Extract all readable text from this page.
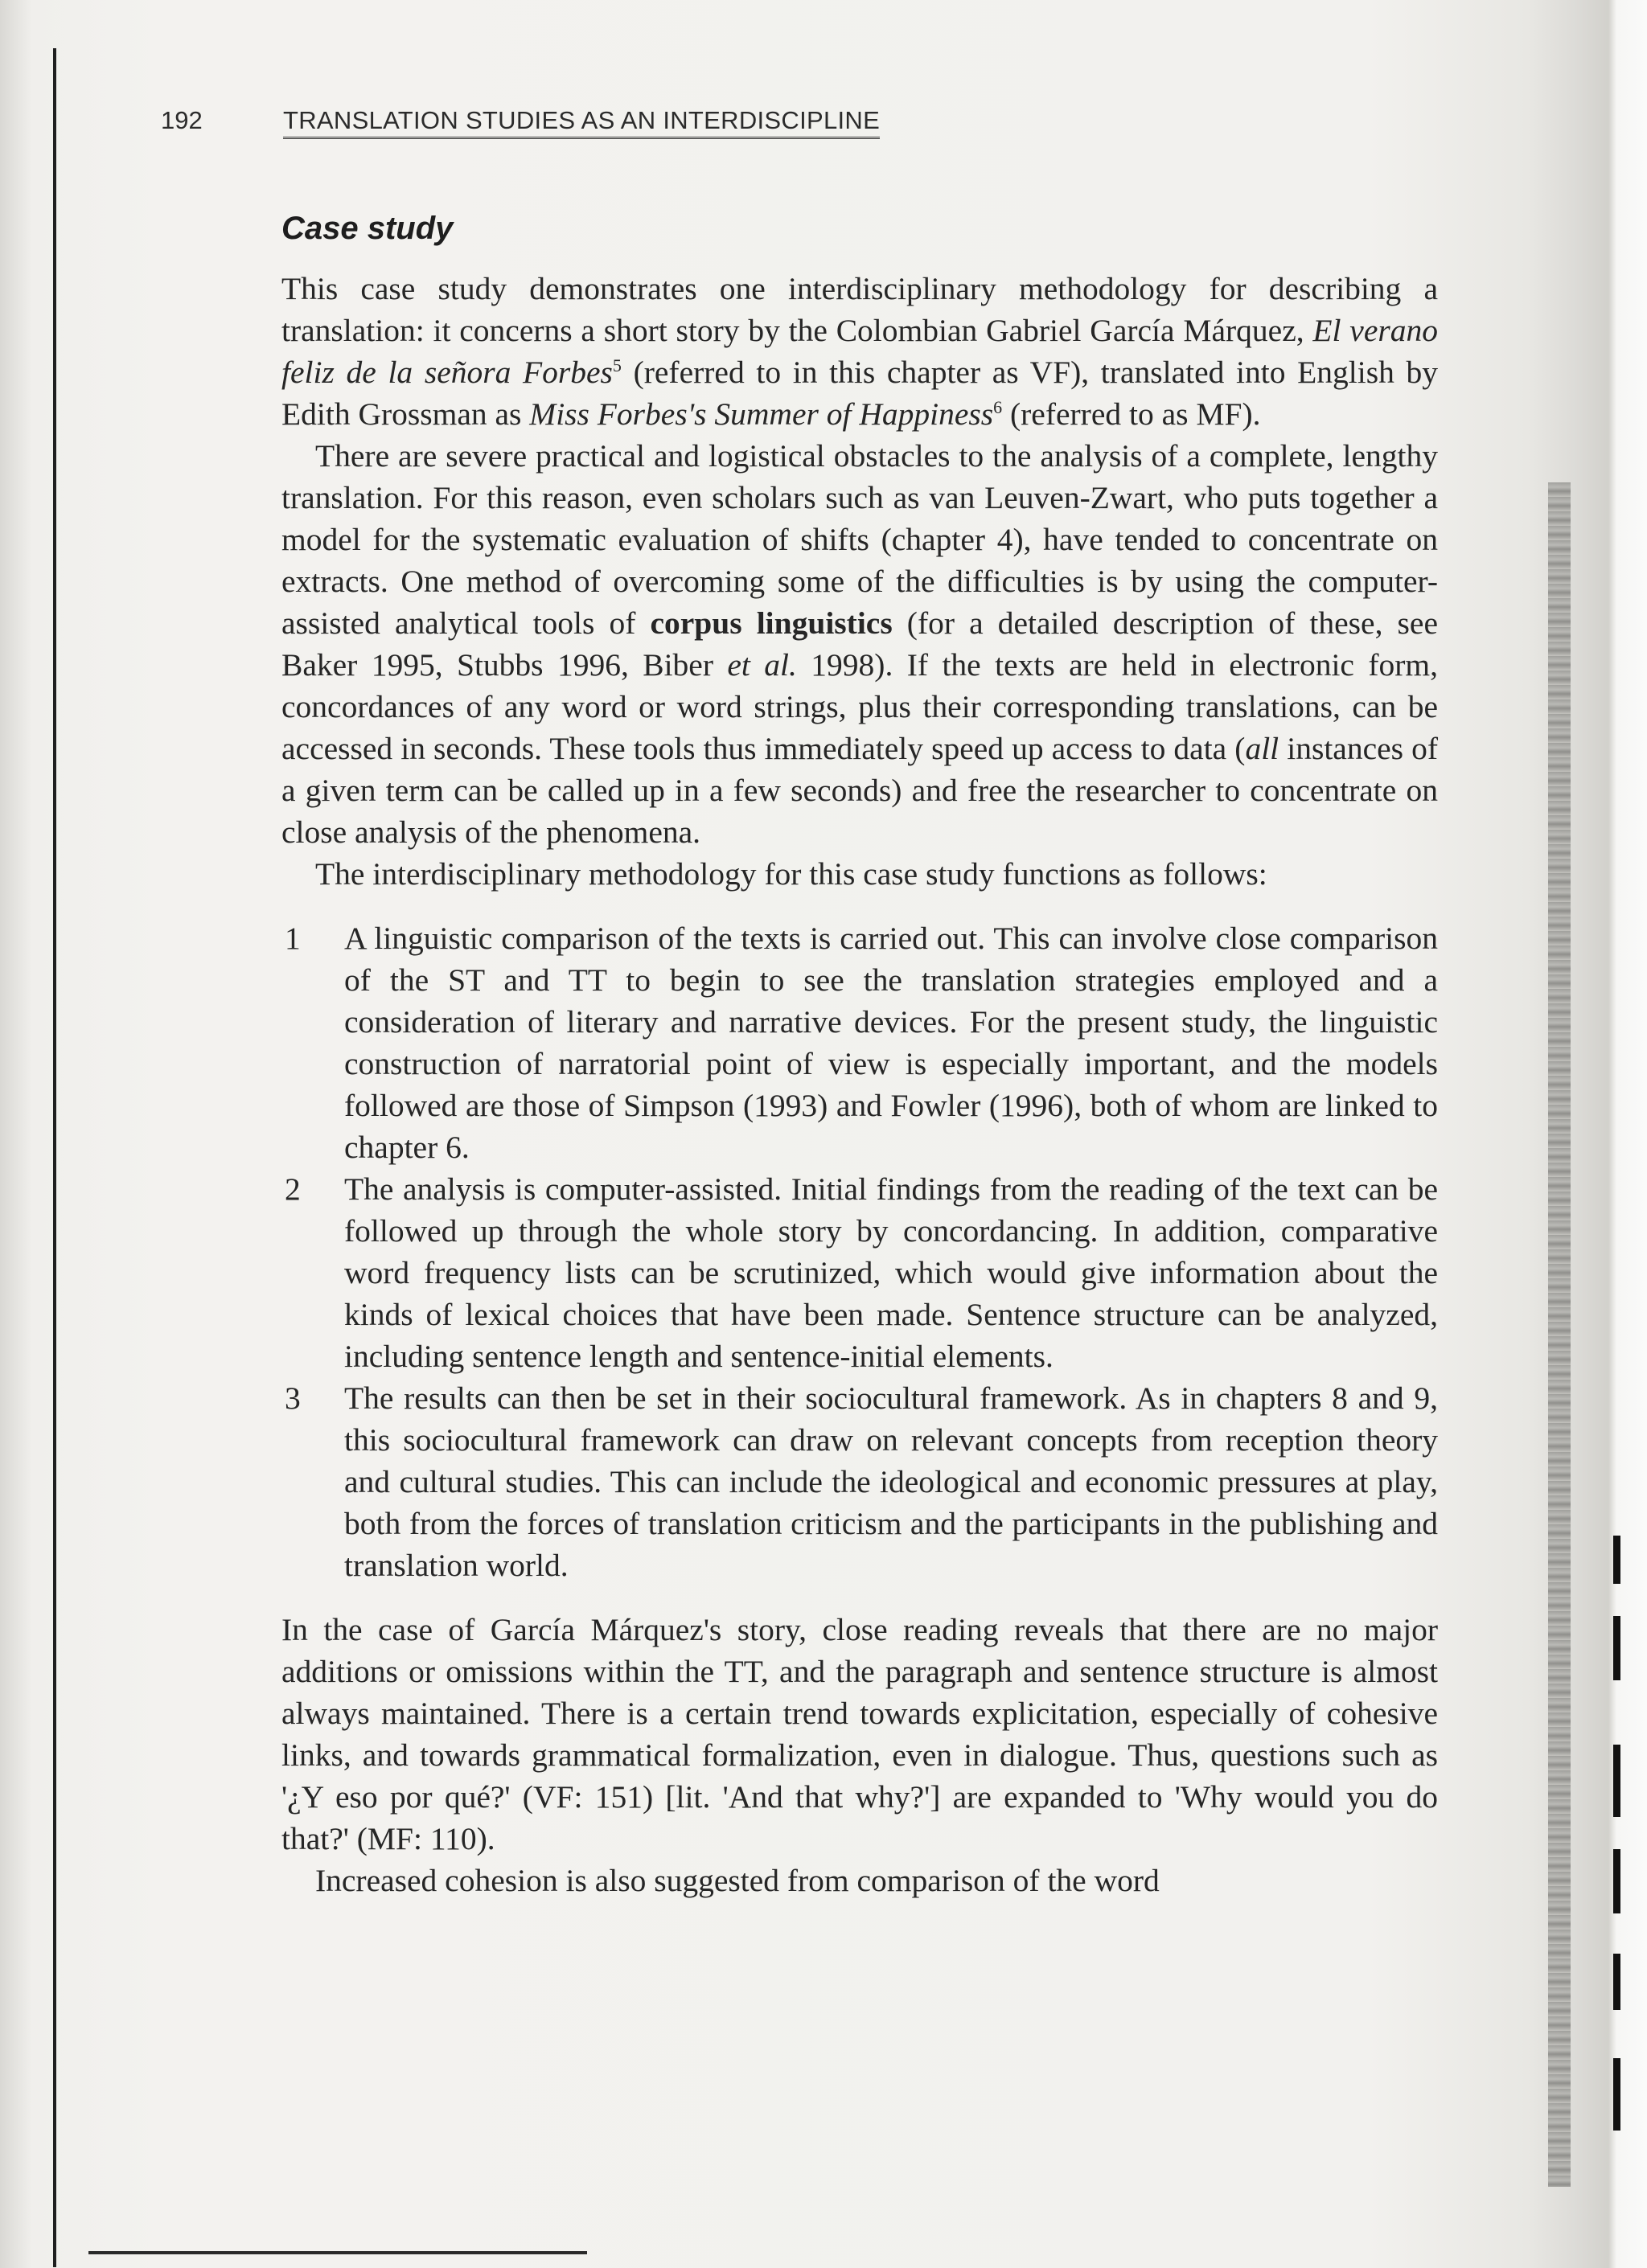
192	TRANSLATION STUDIES AS AN INTERDISCIPLINE
Case study

This case study demonstrates one interdisciplinary methodology for describing a translation: it concerns a short story by the Colombian Gabriel García Márquez, El verano feliz de la señora Forbes$^5$ (referred to in this chapter as VF), translated into English by Edith Grossman as Miss Forbes's Summer of Happiness$^6$ (referred to as MF).

There are severe practical and logistical obstacles to the analysis of a complete, lengthy translation. For this reason, even scholars such as van Leuven-Zwart, who puts together a model for the systematic evaluation of shifts (chapter 4), have tended to concentrate on extracts. One method of overcoming some of the difficulties is by using the computer-assisted analytical tools of corpus linguistics (for a detailed description of these, see Baker 1995, Stubbs 1996, Biber et al. 1998). If the texts are held in electronic form, concordances of any word or word strings, plus their corresponding translations, can be accessed in seconds. These tools thus immediately speed up access to data (all instances of a given term can be called up in a few seconds) and free the researcher to concentrate on close analysis of the phenomena.

The interdisciplinary methodology for this case study functions as follows:

1 A linguistic comparison of the texts is carried out. This can involve close comparison of the ST and TT to begin to see the translation strategies employed and a consideration of literary and narrative devices. For the present study, the linguistic construction of narratorial point of view is especially important, and the models followed are those of Simpson (1993) and Fowler (1996), both of whom are linked to chapter 6.
2 The analysis is computer-assisted. Initial findings from the reading of the text can be followed up through the whole story by concordancing. In addition, comparative word frequency lists can be scrutinized, which would give information about the kinds of lexical choices that have been made. Sentence structure can be analyzed, including sentence length and sentence-initial elements.
3 The results can then be set in their sociocultural framework. As in chapters 8 and 9, this sociocultural framework can draw on relevant concepts from reception theory and cultural studies. This can include the ideological and economic pressures at play, both from the forces of translation criticism and the participants in the publishing and translation world.

In the case of García Márquez's story, close reading reveals that there are no major additions or omissions within the TT, and the paragraph and sentence structure is almost always maintained. There is a certain trend towards explicitation, especially of cohesive links, and towards grammatical formalization, even in dialogue. Thus, questions such as '¿Y eso por qué?' (VF: 151) [lit. 'And that why?'] are expanded to 'Why would you do that?' (MF: 110).

Increased cohesion is also suggested from comparison of the word
